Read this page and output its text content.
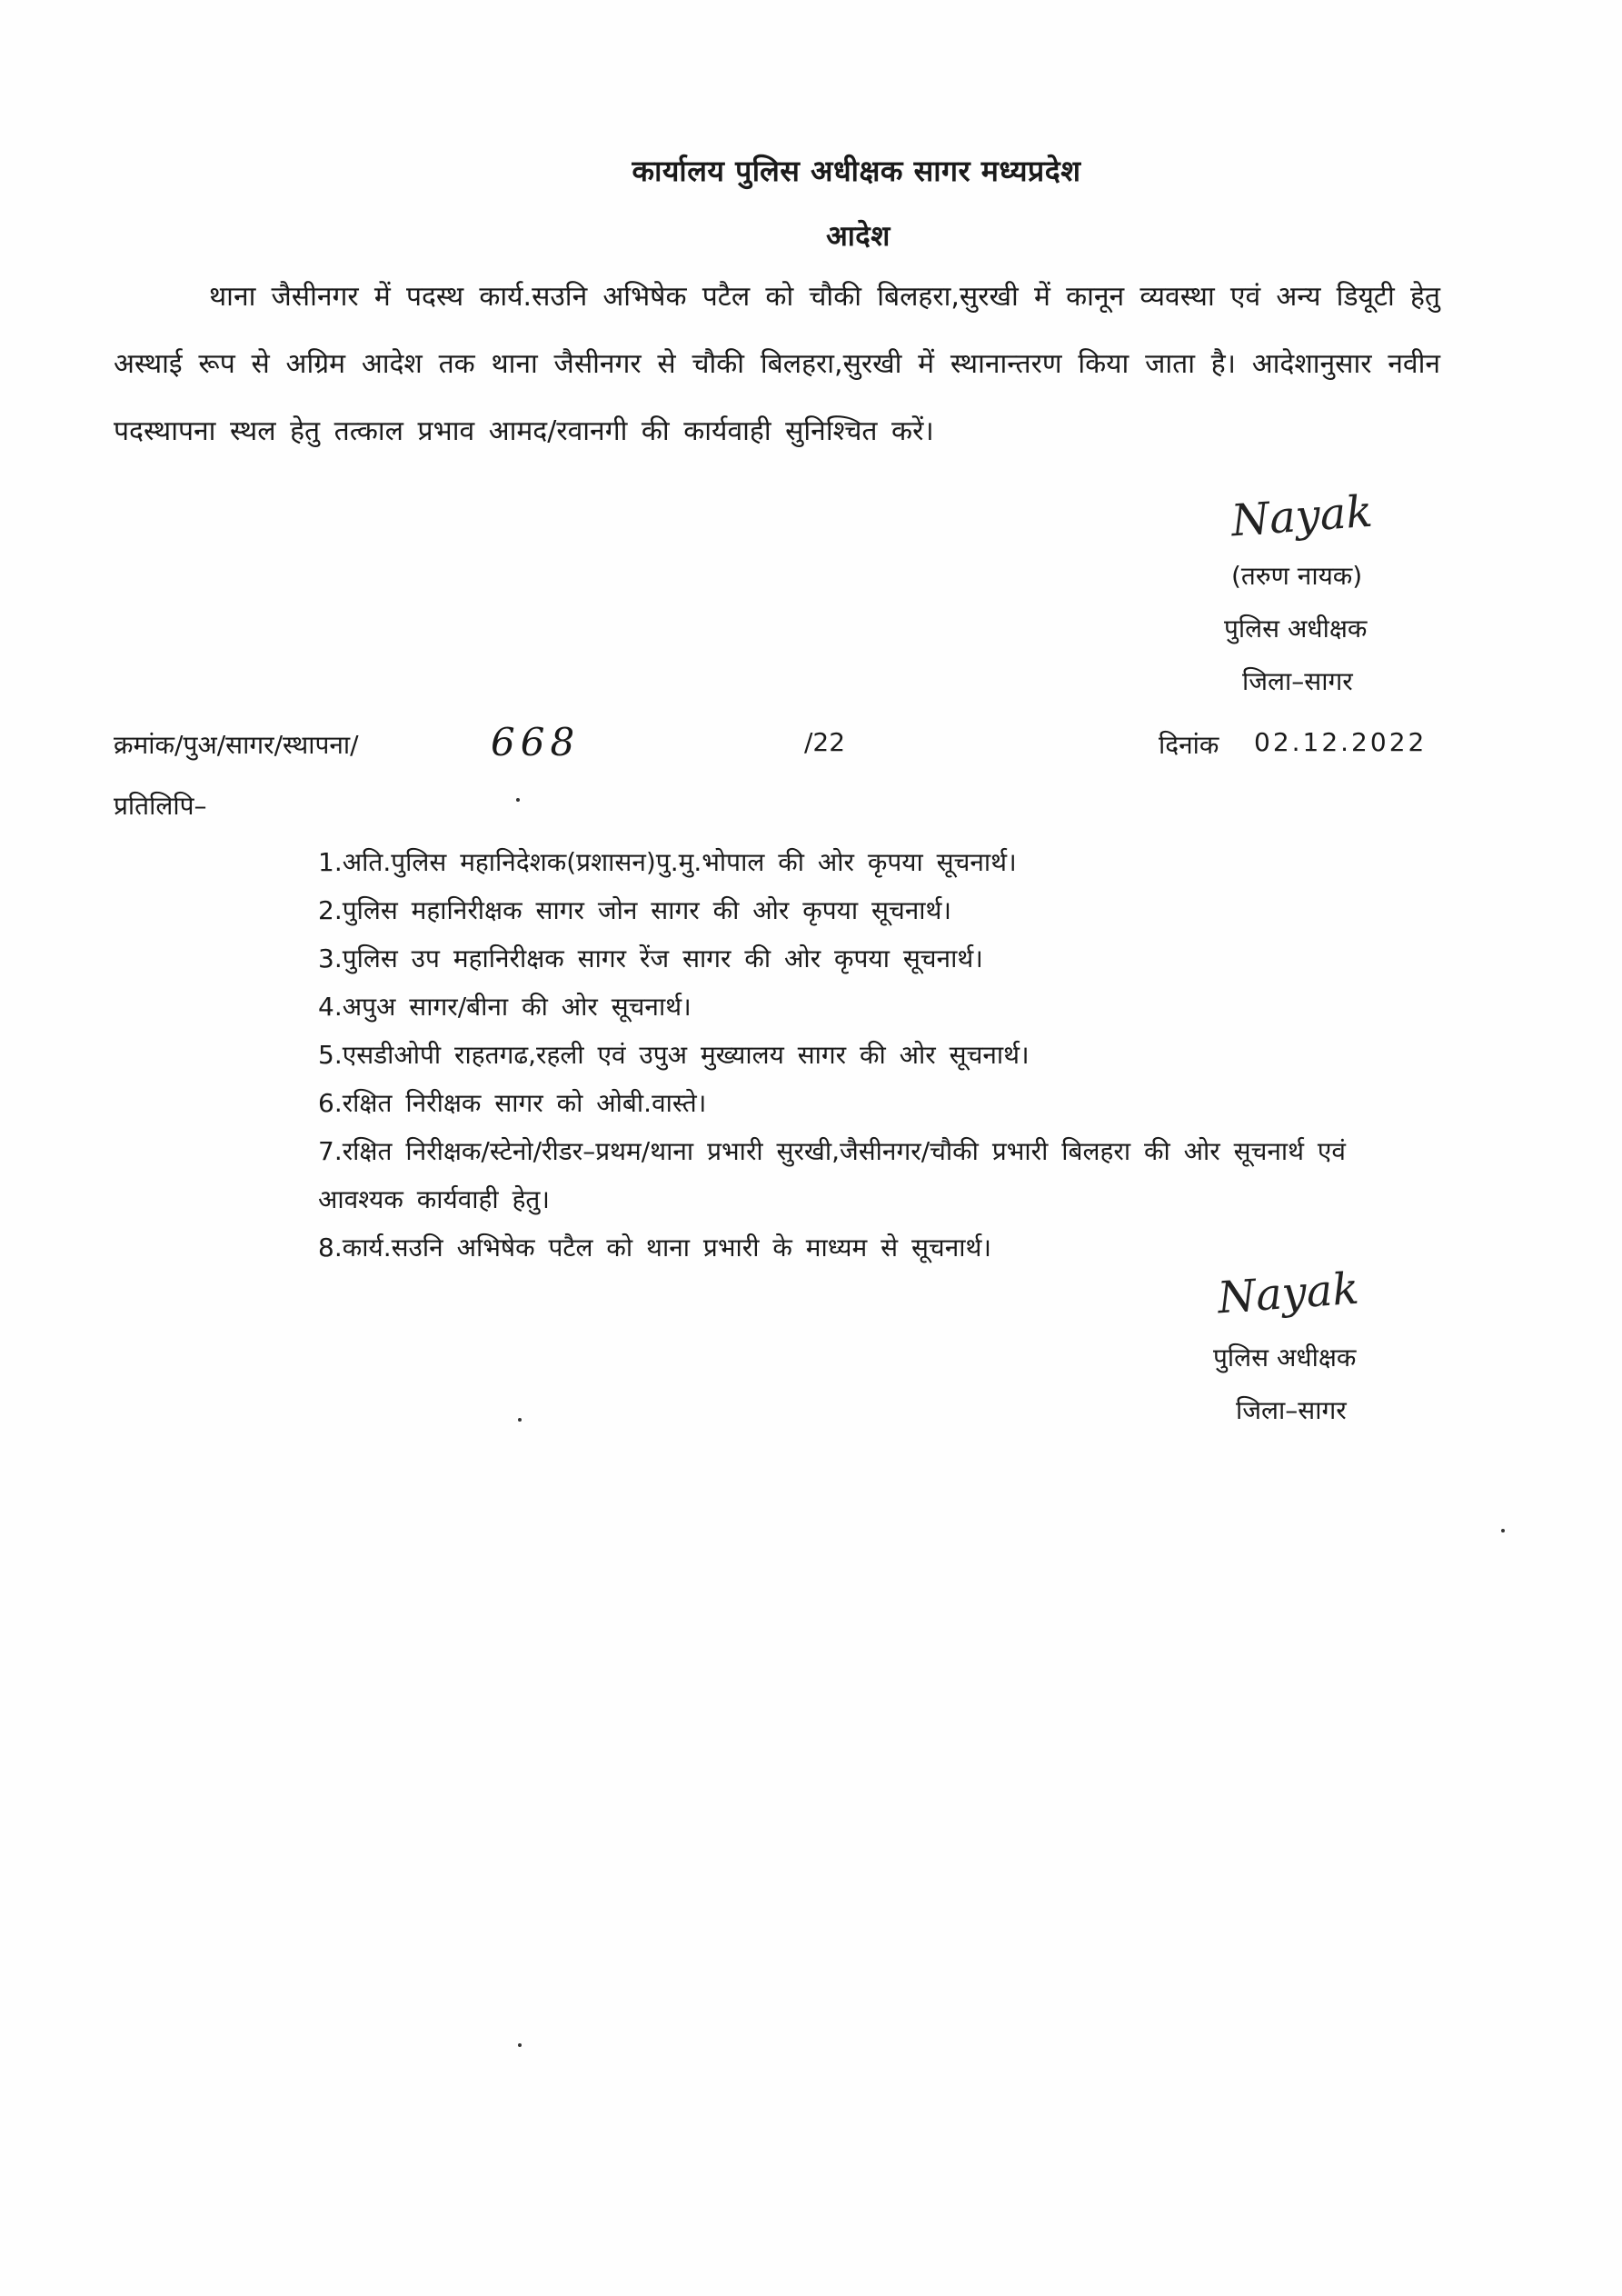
कार्यालय पुलिस अधीक्षक सागर मध्यप्रदेश
आदेश
थाना जैसीनगर में पदस्थ कार्य.सउनि अभिषेक पटैल को चौकी बिलहरा,सुरखी में कानून व्यवस्था एवं अन्य डियूटी हेतु अस्थाई रूप से अग्रिम आदेश तक थाना जैसीनगर से चौकी बिलहरा,सुरखी में स्थानान्तरण किया जाता है। आदेशानुसार नवीन पदस्थापना स्थल हेतु तत्काल प्रभाव आमद/रवानगी की कार्यवाही सुनिश्चित करें।
Nayak
(तरुण नायक)
पुलिस अधीक्षक
जिला–सागर
क्रमांक/पुअ/सागर/स्थापना/	668	/22	दिनांक 02.12.2022
प्रतिलिपि–
1.अति.पुलिस महानिदेशक(प्रशासन)पु.मु.भोपाल की ओर कृपया सूचनार्थ।
2.पुलिस महानिरीक्षक सागर जोन सागर की ओर कृपया सूचनार्थ।
3.पुलिस उप महानिरीक्षक सागर रेंज सागर की ओर कृपया सूचनार्थ।
4.अपुअ सागर/बीना की ओर सूचनार्थ।
5.एसडीओपी राहतगढ,रहली एवं उपुअ मुख्यालय सागर की ओर सूचनार्थ।
6.रक्षित निरीक्षक सागर को ओबी.वास्ते।
7.रक्षित निरीक्षक/स्टेनो/रीडर–प्रथम/थाना प्रभारी सुरखी,जैसीनगर/चौकी प्रभारी बिलहरा की ओर सूचनार्थ एवं आवश्यक कार्यवाही हेतु।
8.कार्य.सउनि अभिषेक पटैल को थाना प्रभारी के माध्यम से सूचनार्थ।
Nayak
पुलिस अधीक्षक
जिला–सागर
